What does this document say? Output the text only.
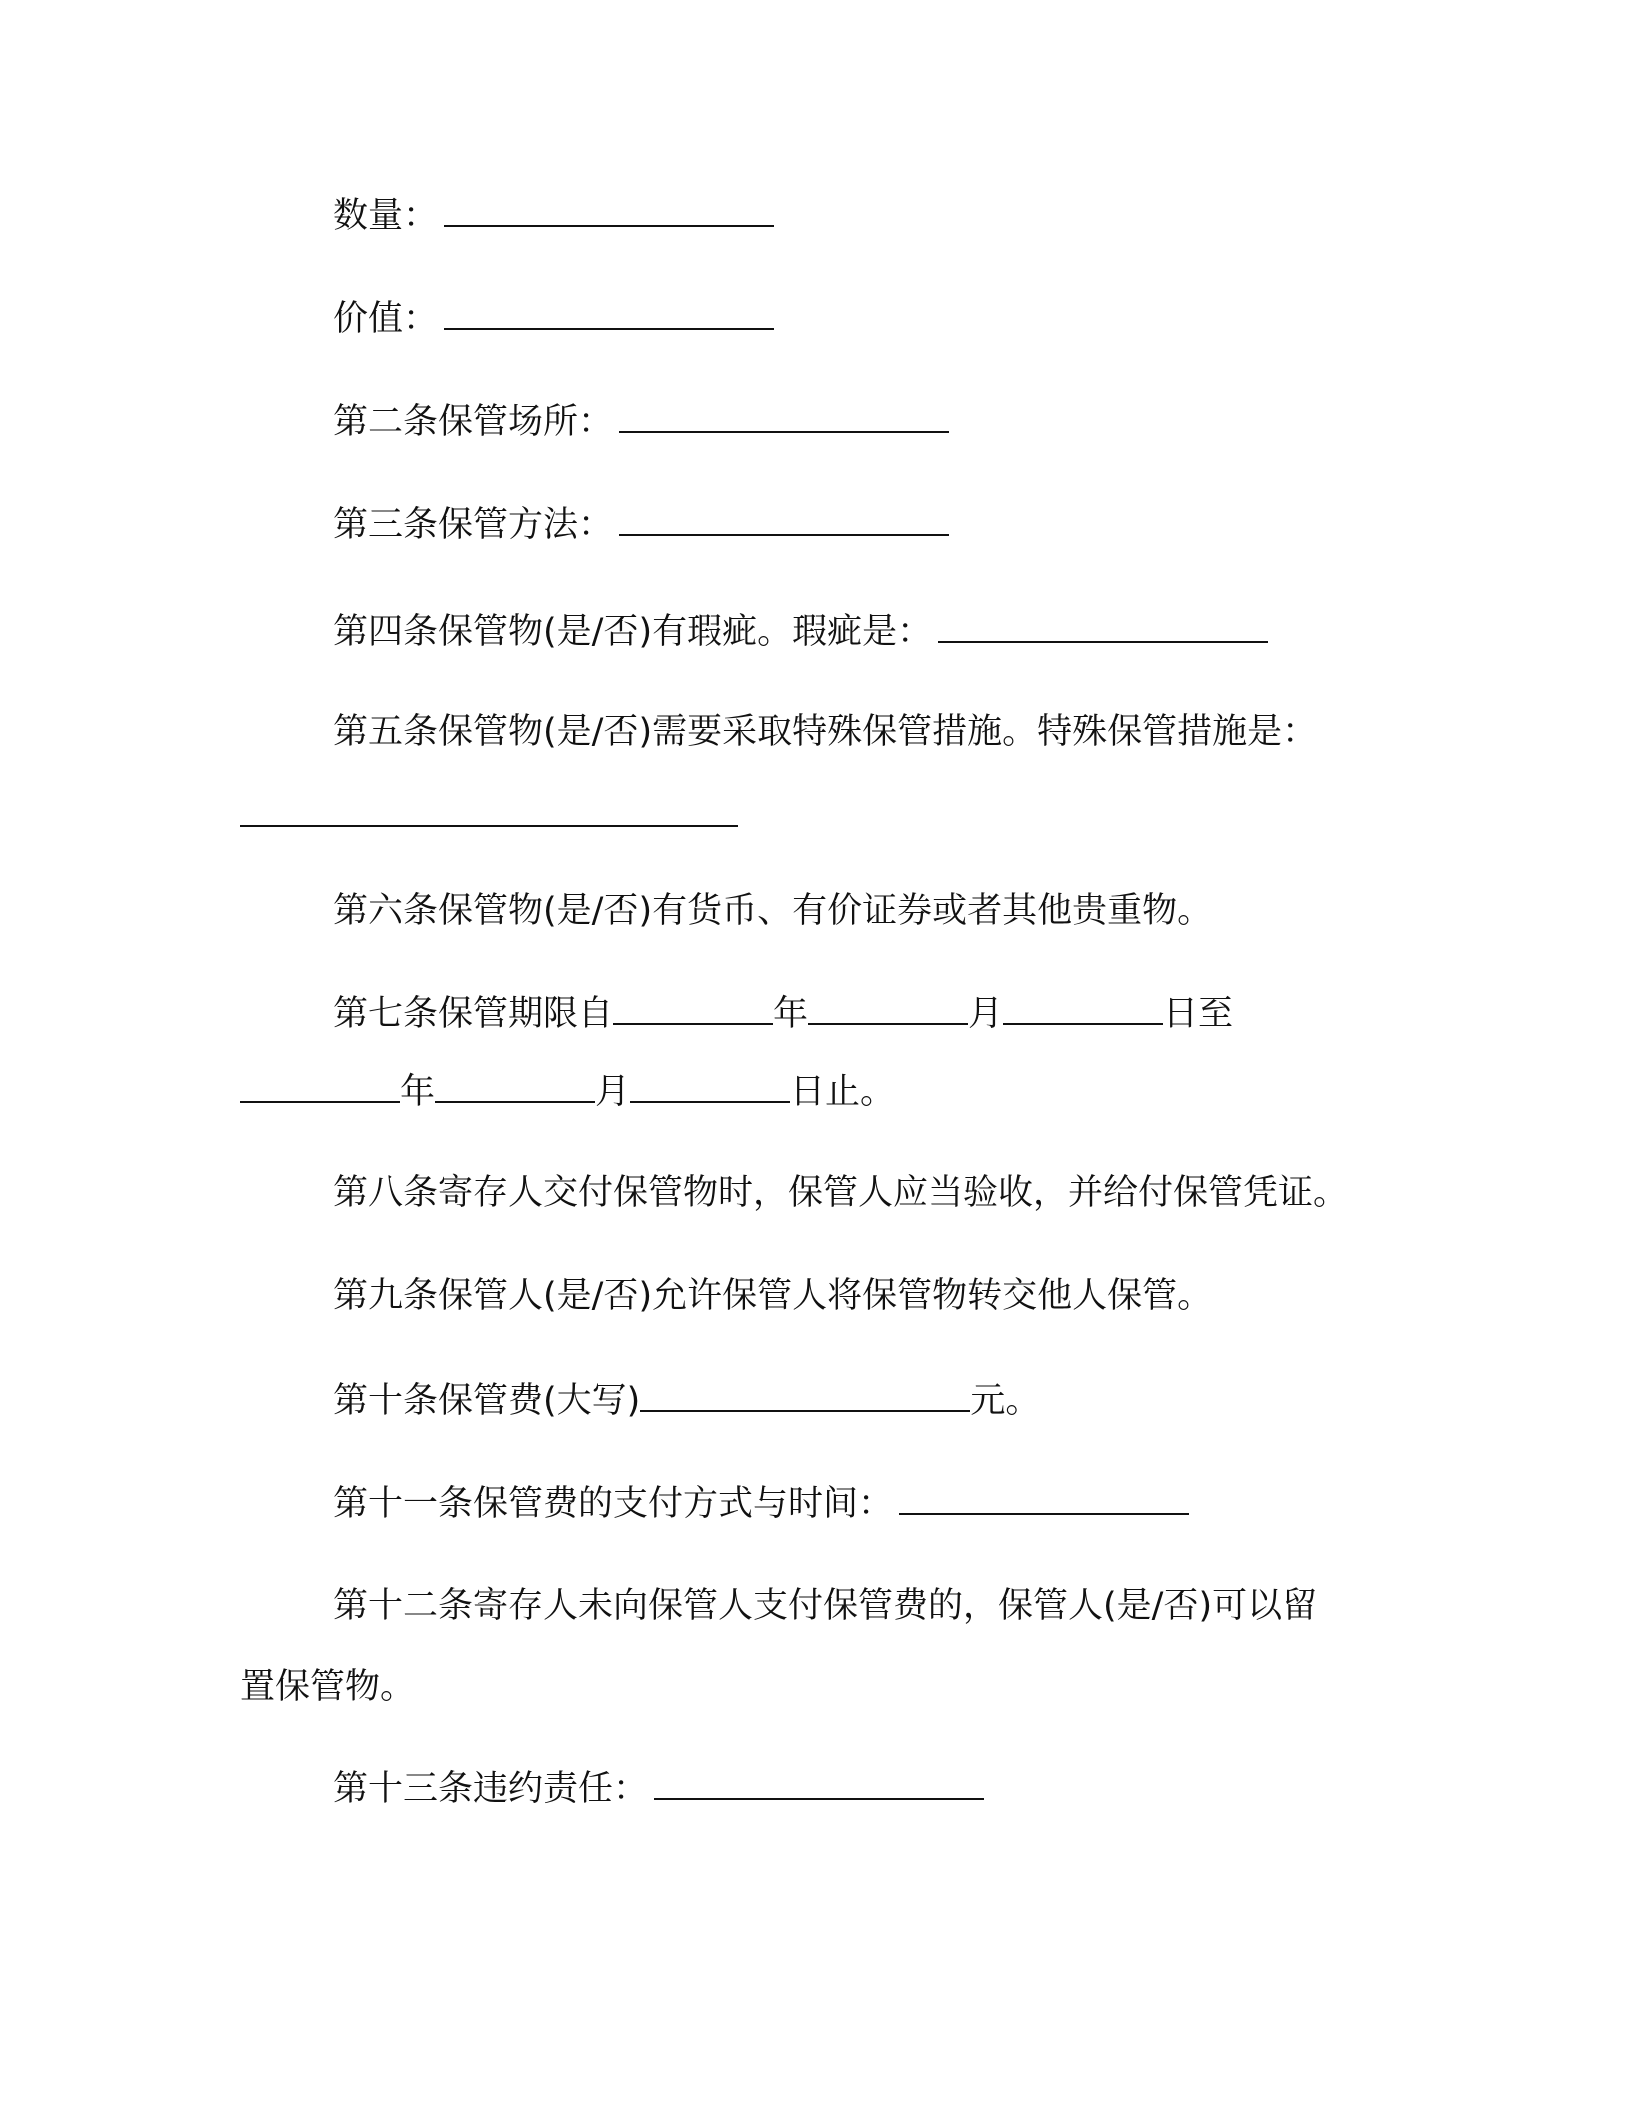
数量：
价值：
第二条保管场所：
第三条保管方法：
第四条保管物(是/否)有瑕疵。瑕疵是：
第五条保管物(是/否)需要采取特殊保管措施。特殊保管措施是：
第六条保管物(是/否)有货币、有价证券或者其他贵重物。
第七条保管期限自	年	月	日至
年	月	日止。
第八条寄存人交付保管物时，保管人应当验收，并给付保管凭证。
第九条保管人(是/否)允许保管人将保管物转交他人保管。
第十条保管费(大写)	元。
第十一条保管费的支付方式与时间：
第十二条寄存人未向保管人支付保管费的，保管人(是/否)可以留
置保管物。
第十三条违约责任：
